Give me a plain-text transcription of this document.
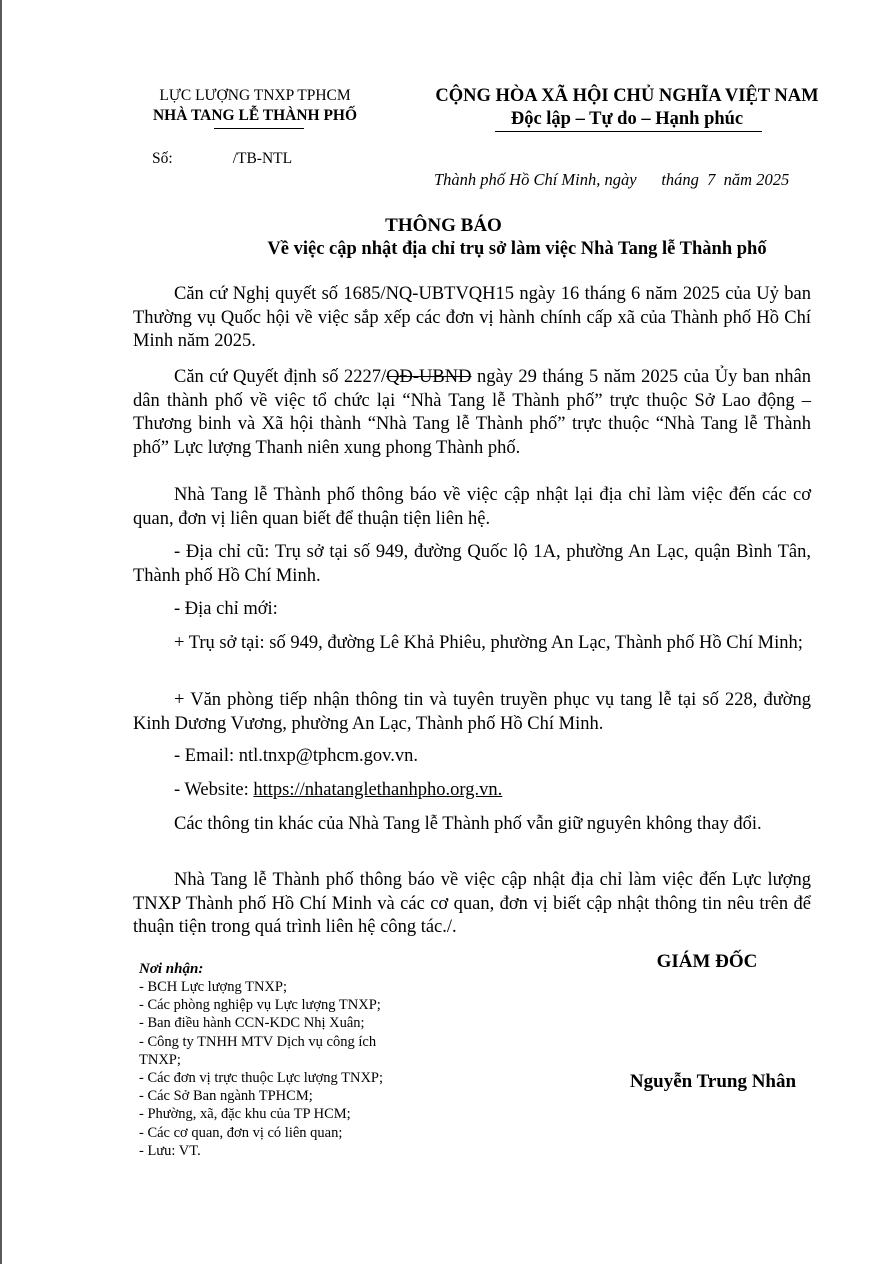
LỰC LƯỢNG TNXP TPHCM
NHÀ TANG LỄ THÀNH PHỐ
Số:	/TB-NTL
CỘNG HÒA XÃ HỘI CHỦ NGHĨA VIỆT NAM
Độc lập – Tự do – Hạnh phúc
Thành phố Hồ Chí Minh, ngày      tháng  7  năm 2025
THÔNG BÁO
Về việc cập nhật địa chỉ trụ sở làm việc Nhà Tang lễ Thành phố

Căn cứ Nghị quyết số 1685/NQ-UBTVQH15 ngày 16 tháng 6 năm 2025 của Uỷ ban Thường vụ Quốc hội về việc sắp xếp các đơn vị hành chính cấp xã của Thành phố Hồ Chí Minh năm 2025.

Căn cứ Quyết định số 2227/QĐ-UBND ngày 29 tháng 5 năm 2025 của Ủy ban nhân dân thành phố về việc tổ chức lại “Nhà Tang lễ Thành phố” trực thuộc Sở Lao động – Thương binh và Xã hội thành “Nhà Tang lễ Thành phố” trực thuộc “Nhà Tang lễ Thành phố” Lực lượng Thanh niên xung phong Thành phố.

Nhà Tang lễ Thành phố thông báo về việc cập nhật lại địa chỉ làm việc đến các cơ quan, đơn vị liên quan biết để thuận tiện liên hệ.

- Địa chỉ cũ: Trụ sở tại số 949, đường Quốc lộ 1A, phường An Lạc, quận Bình Tân, Thành phố Hồ Chí Minh.

- Địa chỉ mới:

+ Trụ sở tại: số 949, đường Lê Khả Phiêu, phường An Lạc, Thành phố Hồ Chí Minh;

+ Văn phòng tiếp nhận thông tin và tuyên truyền phục vụ tang lễ tại số 228, đường Kinh Dương Vương, phường An Lạc, Thành phố Hồ Chí Minh.

- Email: ntl.tnxp@tphcm.gov.vn.

- Website: https://nhatanglethanhpho.org.vn.

Các thông tin khác của Nhà Tang lễ Thành phố vẫn giữ nguyên không thay đổi.

Nhà Tang lễ Thành phố thông báo về việc cập nhật địa chỉ làm việc đến Lực lượng TNXP Thành phố Hồ Chí Minh và các cơ quan, đơn vị biết cập nhật thông tin nêu trên để thuận tiện trong quá trình liên hệ công tác./.

Nơi nhận:
- BCH Lực lượng TNXP;
- Các phòng nghiệp vụ Lực lượng TNXP;
- Ban điều hành CCN-KDC Nhị Xuân;
- Công ty TNHH MTV Dịch vụ công ích
TNXP;
- Các đơn vị trực thuộc Lực lượng TNXP;
- Các Sở Ban ngành TPHCM;
- Phường, xã, đặc khu của TP HCM;
- Các cơ quan, đơn vị có liên quan;
- Lưu: VT.
GIÁM ĐỐC
Nguyễn Trung Nhân
